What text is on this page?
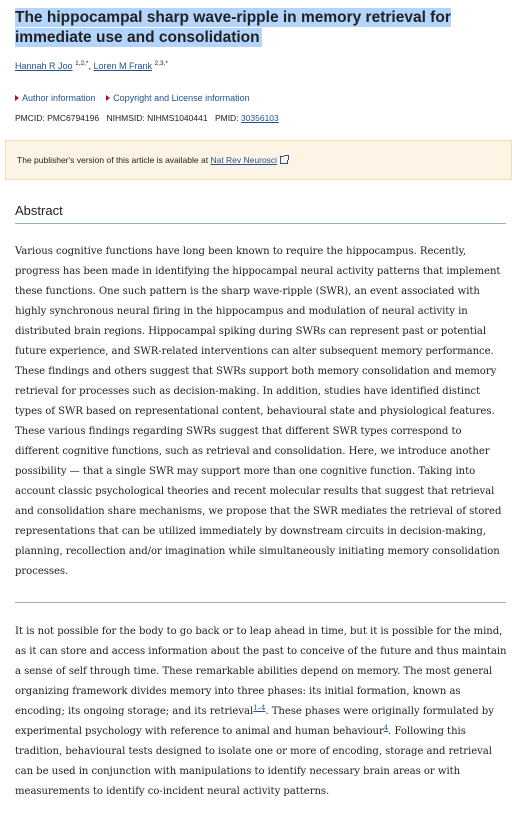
The hippocampal sharp wave-ripple in memory retrieval for immediate use and consolidation
Hannah R Joo $^{1,2,*}$, Loren M Frank $^{2,3,*}$
Author information Copyright and License information
PMCID: PMC6794196 NIHMSID: NIHMS1040441 PMID: 30356103
The publisher's version of this article is available at Nat Rev Neurosci
Abstract

Various cognitive functions have long been known to require the hippocampus. Recently, progress has been made in identifying the hippocampal neural activity patterns that implement these functions. One such pattern is the sharp wave-ripple (SWR), an event associated with highly synchronous neural firing in the hippocampus and modulation of neural activity in distributed brain regions. Hippocampal spiking during SWRs can represent past or potential future experience, and SWR-related interventions can alter subsequent memory performance. These findings and others suggest that SWRs support both memory consolidation and memory retrieval for processes such as decision-making. In addition, studies have identified distinct types of SWR based on representational content, behavioural state and physiological features. These various findings regarding SWRs suggest that different SWR types correspond to different cognitive functions, such as retrieval and consolidation. Here, we introduce another possibility — that a single SWR may support more than one cognitive function. Taking into account classic psychological theories and recent molecular results that suggest that retrieval and consolidation share mechanisms, we propose that the SWR mediates the retrieval of stored representations that can be utilized immediately by downstream circuits in decision-making, planning, recollection and/or imagination while simultaneously initiating memory consolidation processes.

It is not possible for the body to go back or to leap ahead in time, but it is possible for the mind, as it can store and access information about the past to conceive of the future and thus maintain a sense of self through time. These remarkable abilities depend on memory. The most general organizing framework divides memory into three phases: its initial formation, known as encoding; its ongoing storage; and its retrieval$^{1-4}$. These phases were originally formulated by experimental psychology with reference to animal and human behaviour$^4$. Following this tradition, behavioural tests designed to isolate one or more of encoding, storage and retrieval can be used in conjunction with manipulations to identify necessary brain areas or with measurements to identify co-incident neural activity patterns.
